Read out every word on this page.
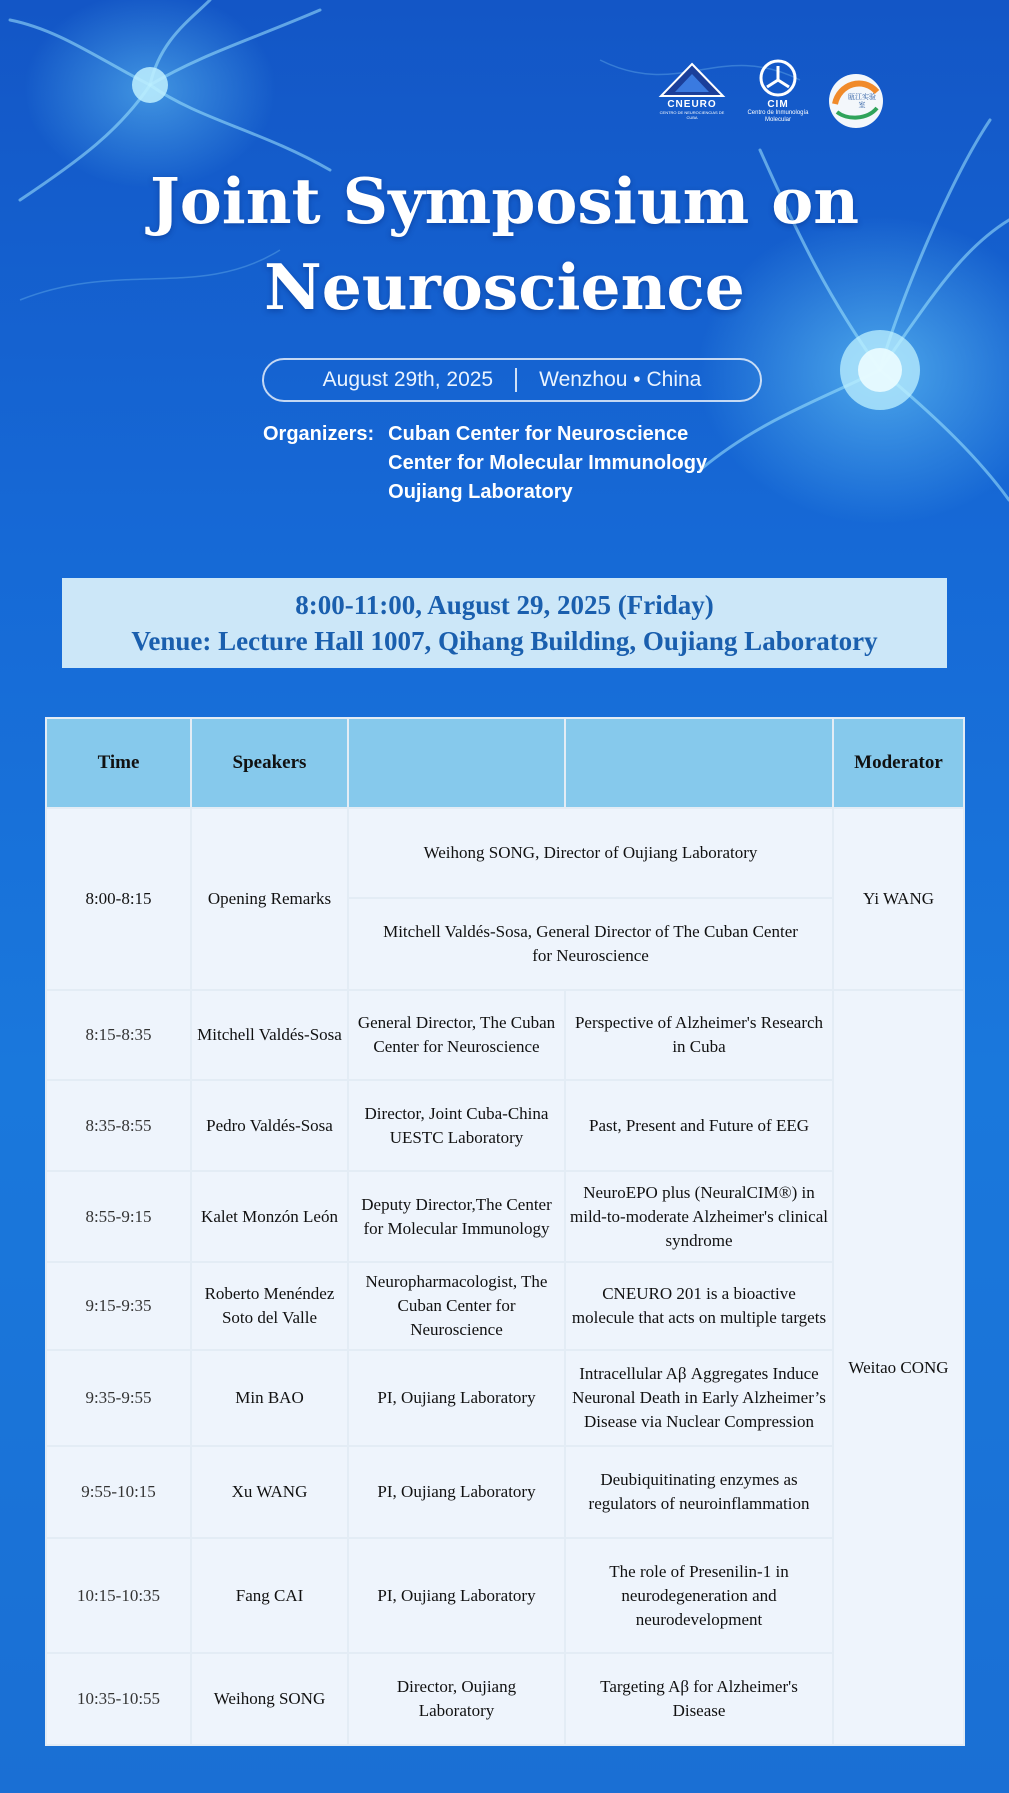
CNEURO
CENTRO DE NEUROCIENCIAS DE CUBA
CIM
Centro de Inmunología Molecular
瓯江实验室
Joint Symposium on
Neuroscience
August 29th, 2025 Wenzhou • China
Organizers: Cuban Center for Neuroscience
Center for Molecular Immunology
Oujiang Laboratory
8:00-11:00, August 29, 2025 (Friday)
Venue: Lecture Hall 1007, Qihang Building, Oujiang Laboratory
Time	Speakers			Moderator
8:00-8:15	Opening Remarks	Weihong SONG, Director of Oujiang Laboratory		Yi WANG
		Mitchell Valdés-Sosa, General Director of The Cuban Center for Neuroscience		
8:15-8:35	Mitchell Valdés-Sosa	General Director, The Cuban Center for Neuroscience	Perspective of Alzheimer's Research in Cuba	Weitao CONG
8:35-8:55	Pedro Valdés-Sosa	Director, Joint Cuba-China UESTC Laboratory	Past, Present and Future of EEG	
8:55-9:15	Kalet Monzón León	Deputy Director,The Center for Molecular Immunology	NeuroEPO plus (NeuralCIM®) in mild-to-moderate Alzheimer's clinical syndrome	
9:15-9:35	Roberto Menéndez Soto del Valle	Neuropharmacologist, The Cuban Center for Neuroscience	CNEURO 201 is a bioactive molecule that acts on multiple targets	
9:35-9:55	Min BAO	PI, Oujiang Laboratory	Intracellular Aβ Aggregates Induce Neuronal Death in Early Alzheimer’s Disease via Nuclear Compression	
9:55-10:15	Xu WANG	PI, Oujiang Laboratory	Deubiquitinating enzymes as regulators of neuroinflammation	
10:15-10:35	Fang CAI	PI, Oujiang Laboratory	The role of Presenilin-1 in neurodegeneration and neurodevelopment	
10:35-10:55	Weihong SONG	Director, Oujiang Laboratory	Targeting Aβ for Alzheimer's Disease	
